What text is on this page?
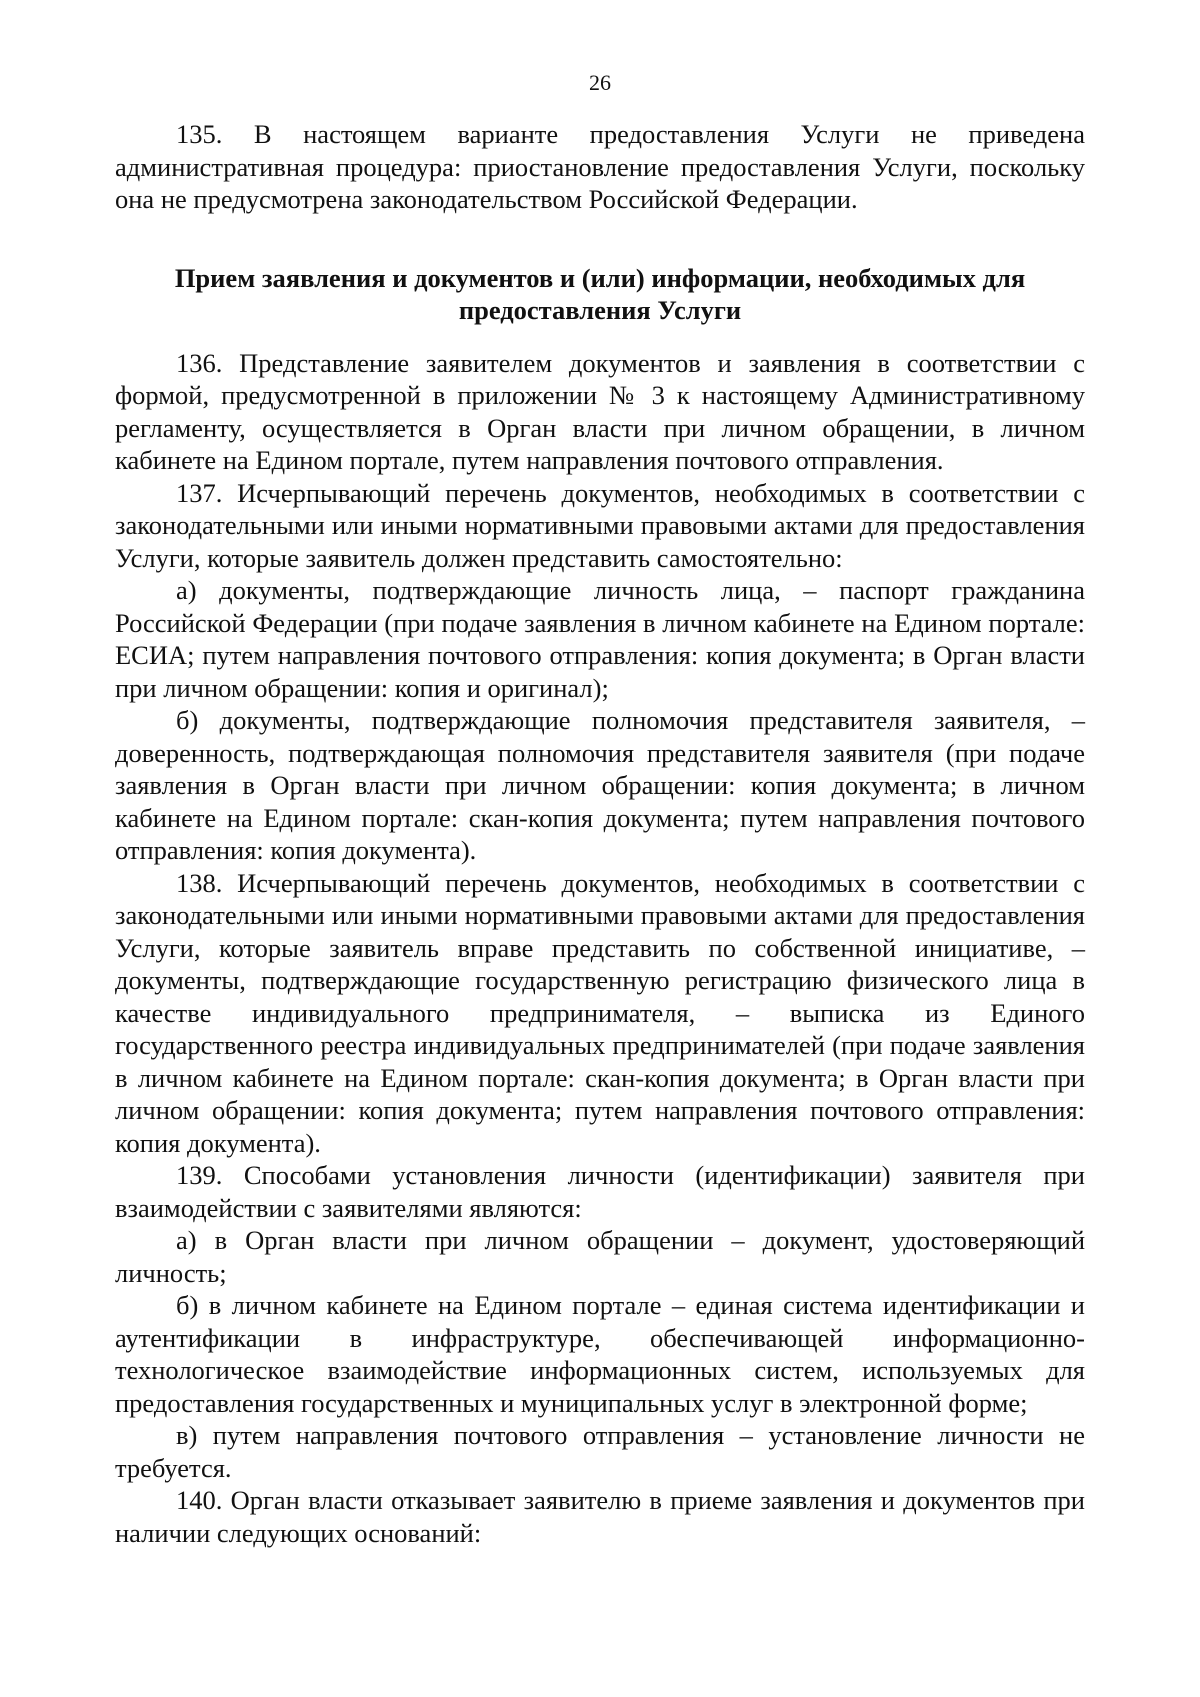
26

135. В настоящем варианте предоставления Услуги не приведена административная процедура: приостановление предоставления Услуги, поскольку она не предусмотрена законодательством Российской Федерации.

Прием заявления и документов и (или) информации, необходимых для
предоставления Услуги

136. Представление заявителем документов и заявления в соответствии с формой, предусмотренной в приложении № 3 к настоящему Административному регламенту, осуществляется в Орган власти при личном обращении, в личном кабинете на Едином портале, путем направления почтового отправления.

137. Исчерпывающий перечень документов, необходимых в соответствии с законодательными или иными нормативными правовыми актами для предоставления Услуги, которые заявитель должен представить самостоятельно:

а) документы, подтверждающие личность лица, – паспорт гражданина Российской Федерации (при подаче заявления в личном кабинете на Едином портале: ЕСИА; путем направления почтового отправления: копия документа; в Орган власти при личном обращении: копия и оригинал);

б) документы, подтверждающие полномочия представителя заявителя, – доверенность, подтверждающая полномочия представителя заявителя (при подаче заявления в Орган власти при личном обращении: копия документа; в личном кабинете на Едином портале: скан-копия документа; путем направления почтового отправления: копия документа).

138. Исчерпывающий перечень документов, необходимых в соответствии с законодательными или иными нормативными правовыми актами для предоставления Услуги, которые заявитель вправе представить по собственной инициативе, – документы, подтверждающие государственную регистрацию физического лица в качестве индивидуального предпринимателя, – выписка из Единого государственного реестра индивидуальных предпринимателей (при подаче заявления в личном кабинете на Едином портале: скан-копия документа; в Орган власти при личном обращении: копия документа; путем направления почтового отправления: копия документа).

139. Способами установления личности (идентификации) заявителя при взаимодействии с заявителями являются:

а) в Орган власти при личном обращении – документ, удостоверяющий личность;

б) в личном кабинете на Едином портале – единая система идентификации и аутентификации в инфраструктуре, обеспечивающей информационно-технологическое взаимодействие информационных систем, используемых для предоставления государственных и муниципальных услуг в электронной форме;

в) путем направления почтового отправления – установление личности не требуется.

140. Орган власти отказывает заявителю в приеме заявления и документов при наличии следующих оснований:
